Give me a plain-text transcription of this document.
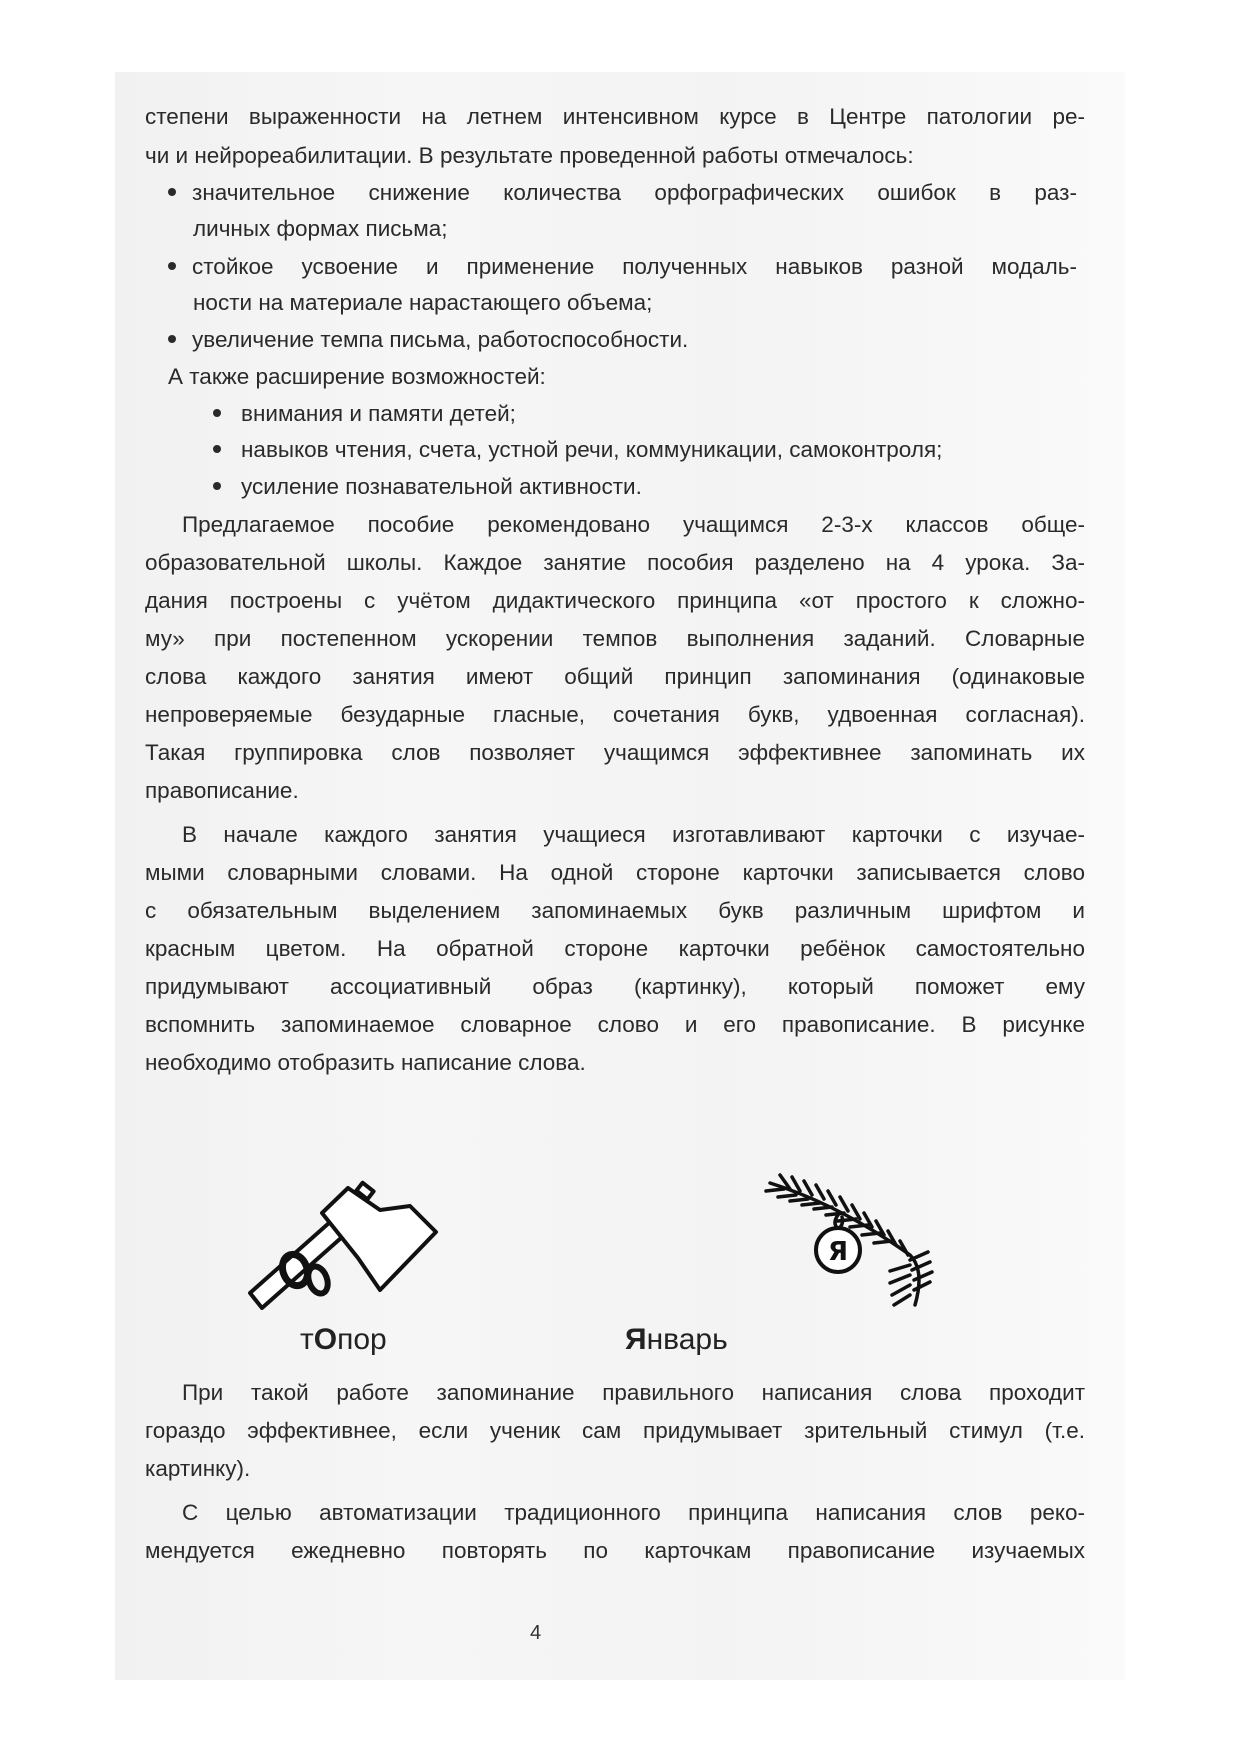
степени выраженности на летнем интенсивном курсе в Центре патологии ре-
чи и нейрореабилитации. В результате проведенной работы отмечалось:
значительное снижение количества орфографических ошибок в раз-
личных формах письма;
стойкое усвоение и применение полученных навыков разной модаль-
ности на материале нарастающего объема;
увеличение темпа письма, работоспособности.
А также расширение возможностей:
внимания и памяти детей;
навыков чтения, счета, устной речи, коммуникации, самоконтроля;
усиление познавательной активности.
Предлагаемое пособие рекомендовано учащимся 2-3-х классов обще-
образовательной школы. Каждое занятие пособия разделено на 4 урока. За-
дания построены с учётом дидактического принципа «от простого к сложно-
му» при постепенном ускорении темпов выполнения заданий. Словарные
слова каждого занятия имеют общий принцип запоминания (одинаковые
непроверяемые безударные гласные, сочетания букв, удвоенная согласная).
Такая группировка слов позволяет учащимся эффективнее запоминать их
правописание.
В начале каждого занятия учащиеся изготавливают карточки с изучае-
мыми словарными словами. На одной стороне карточки записывается слово
с обязательным выделением запоминаемых букв различным шрифтом и
красным цветом. На обратной стороне карточки ребёнок самостоятельно
придумывают ассоциативный образ (картинку), который поможет ему
вспомнить запоминаемое словарное слово и его правописание. В рисунке
необходимо отобразить написание слова.
Я
тОпор	Январь
При такой работе запоминание правильного написания слова проходит
гораздо эффективнее, если ученик сам придумывает зрительный стимул (т.е.
картинку).
С целью автоматизации традиционного принципа написания слов реко-
мендуется ежедневно повторять по карточкам правописание изучаемых
4
